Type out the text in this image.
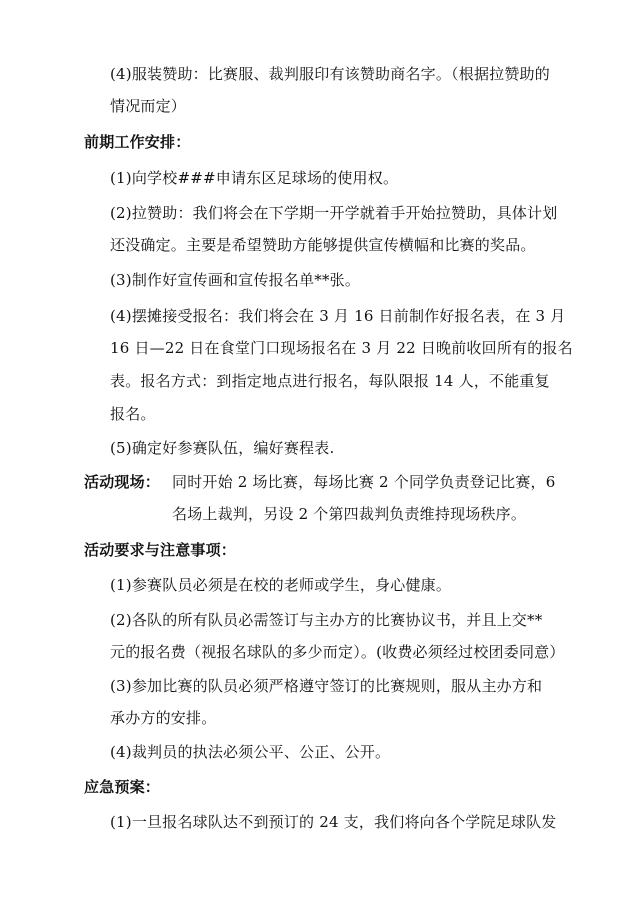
(4)服装赞助：比赛服、裁判服印有该赞助商名字。（根据拉赞助的
情况而定）
前期工作安排：
(1)向学校###申请东区足球场的使用权。
(2)拉赞助：我们将会在下学期一开学就着手开始拉赞助，具体计划
还没确定。主要是希望赞助方能够提供宣传横幅和比赛的奖品。
(3)制作好宣传画和宣传报名单**张。
(4)摆摊接受报名：我们将会在 3 月 16 日前制作好报名表，在 3 月
16 日—22 日在食堂门口现场报名在 3 月 22 日晚前收回所有的报名
表。报名方式：到指定地点进行报名，每队限报 14 人，不能重复
报名。
(5)确定好参赛队伍，编好赛程表.
活动现场： 同时开始 2 场比赛，每场比赛 2 个同学负责登记比赛，6
名场上裁判，另设 2 个第四裁判负责维持现场秩序。
活动要求与注意事项：
(1)参赛队员必须是在校的老师或学生，身心健康。
(2)各队的所有队员必需签订与主办方的比赛协议书，并且上交**
元的报名费（视报名球队的多少而定）。(收费必须经过校团委同意）
(3)参加比赛的队员必须严格遵守签订的比赛规则，服从主办方和
承办方的安排。
(4)裁判员的执法必须公平、公正、公开。
应急预案：
(1)一旦报名球队达不到预订的 24 支，我们将向各个学院足球队发
